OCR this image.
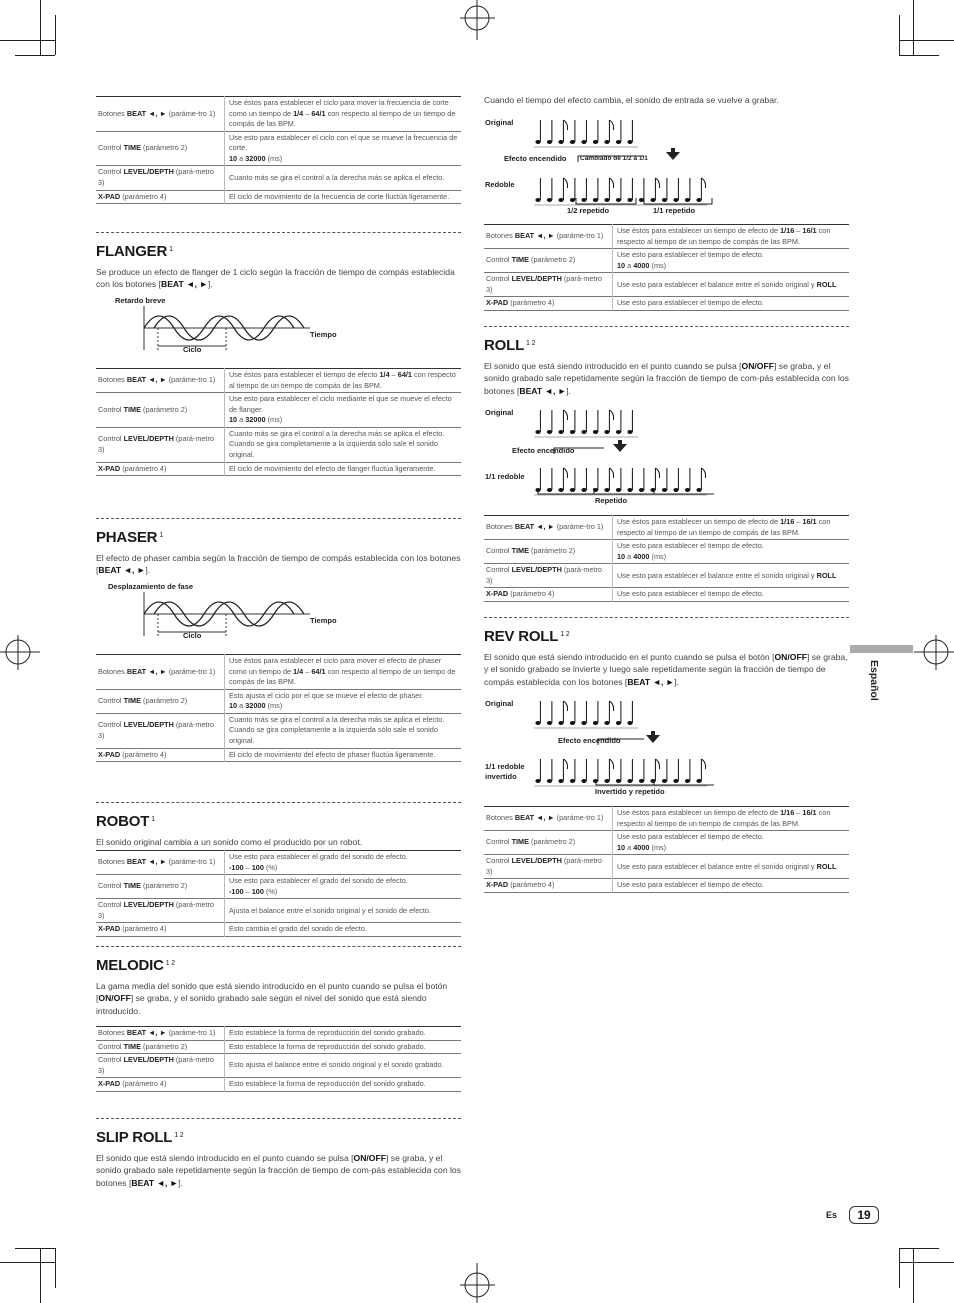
Botones BEAT ◄, ► (paráme-tro 1)	Use éstos para establecer el ciclo para mover la frecuencia de corte como un tiempo de 1/4 – 64/1 con respecto al tiempo de un tiempo de compás de las BPM.
Control TIME (parámetro 2)	Use esto para establecer el ciclo con el que se mueve la frecuencia de corte.
10 a 32000 (ms)
Control LEVEL/DEPTH (pará-metro 3)	Cuanto más se gira el control a la derecha más se aplica el efecto.
X-PAD (parámetro 4)	El ciclo de movimiento de la frecuencia de corte fluctúa ligeramente.
FLANGER $^1$
Se produce un efecto de flanger de 1 ciclo según la fracción de tiempo de compás establecida con los botones [BEAT ◄, ►].
Retardo breve
Tiempo
Ciclo
Botones BEAT ◄, ► (paráme-tro 1)	Use éstos para establecer el tiempo de efecto 1/4 – 64/1 con respecto al tiempo de un tiempo de compás de las BPM.
Control TIME (parámetro 2)	Use esto para establecer el ciclo mediante el que se mueve el efecto de flanger.
10 a 32000 (ms)
Control LEVEL/DEPTH (pará-metro 3)	Cuanto más se gira el control a la derecha más se aplica el efecto.
Cuando se gira completamente a la izquierda sólo sale el sonido original.
X-PAD (parámetro 4)	El ciclo de movimiento del efecto de flanger fluctúa ligeramente.
PHASER $^1$
El efecto de phaser cambia según la fracción de tiempo de compás establecida con los botones [BEAT ◄, ►].
Desplazamiento de fase
Tiempo
Ciclo
Botones BEAT ◄, ► (paráme-tro 1)	Use éstos para establecer el ciclo para mover el efecto de phaser como un tiempo de 1/4 – 64/1 con respecto al tiempo de un tiempo de compás de las BPM.
Control TIME (parámetro 2)	Esto ajusta el ciclo por el que se mueve el efecto de phaser.
10 a 32000 (ms)
Control LEVEL/DEPTH (pará-metro 3)	Cuanto más se gira el control a la derecha más se aplica el efecto.
Cuando se gira completamente a la izquierda sólo sale el sonido original.
X-PAD (parámetro 4)	El ciclo de movimiento del efecto de phaser fluctúa ligeramente.
ROBOT $^1$
El sonido original cambia a un sonido como el producido por un robot.
Botones BEAT ◄, ► (paráme-tro 1)	Use esto para establecer el grado del sonido de efecto.
-100 – 100 (%)
Control TIME (parámetro 2)	Use esto para establecer el grado del sonido de efecto.
-100 – 100 (%)
Control LEVEL/DEPTH (pará-metro 3)	Ajusta el balance entre el sonido original y el sonido de efecto.
X-PAD (parámetro 4)	Esto cambia el grado del sonido de efecto.
MELODIC $^{1 2}$
La gama media del sonido que está siendo introducido en el punto cuando se pulsa el botón [ON/OFF] se graba, y el sonido grabado sale según el nivel del sonido que está siendo introducido.
Botones BEAT ◄, ► (paráme-tro 1)	Esto establece la forma de reproducción del sonido grabado.
Control TIME (parámetro 2)	Esto establece la forma de reproducción del sonido grabado.
Control LEVEL/DEPTH (pará-metro 3)	Esto ajusta el balance entre el sonido original y el sonido grabado.
X-PAD (parámetro 4)	Esto establece la forma de reproducción del sonido grabado.
SLIP ROLL $^{1 2}$
El sonido que está siendo introducido en el punto cuando se pulsa [ON/OFF] se graba, y el sonido grabado sale repetidamente según la fracción de tiempo de com-pás establecida con los botones [BEAT ◄, ►].
Cuando el tiempo del efecto cambia, el sonido de entrada se vuelve a grabar.
Original
Efecto encendido Cambiado de 1/2 a 1/1
Redoble
1/2 repetido	1/1 repetido
Botones BEAT ◄, ► (paráme-tro 1)	Use éstos para establecer un tiempo de efecto de 1/16 – 16/1 con respecto al tiempo de un tiempo de compás de las BPM.
Control TIME (parámetro 2)	Use esto para establecer el tiempo de efecto.
10 a 4000 (ms)
Control LEVEL/DEPTH (pará-metro 3)	Use esto para establecer el balance entre el sonido original y ROLL
X-PAD (parámetro 4)	Use esto para establecer el tiempo de efecto.
ROLL $^{1 2}$
El sonido que está siendo introducido en el punto cuando se pulsa [ON/OFF] se graba, y el sonido grabado sale repetidamente según la fracción de tiempo de com-pás establecida con los botones [BEAT ◄, ►].
Original
Efecto encendido
1/1 redoble
Repetido
Botones BEAT ◄, ► (paráme-tro 1)	Use éstos para establecer un tiempo de efecto de 1/16 – 16/1 con respecto al tiempo de un tiempo de compás de las BPM.
Control TIME (parámetro 2)	Use esto para establecer el tiempo de efecto.
10 a 4000 (ms)
Control LEVEL/DEPTH (pará-metro 3)	Use esto para establecer el balance entre el sonido original y ROLL
X-PAD (parámetro 4)	Use esto para establecer el tiempo de efecto.
REV ROLL $^{1 2}$
El sonido que está siendo introducido en el punto cuando se pulsa el botón [ON/OFF] se graba, y el sonido grabado se invierte y luego sale repetidamente según la fracción de tiempo de compás establecida con los botones [BEAT ◄, ►].
Original
Efecto encendido
1/1 redoble
invertido
Invertido y repetido
Botones BEAT ◄, ► (paráme-tro 1)	Use éstos para establecer un tiempo de efecto de 1/16 – 16/1 con respecto al tiempo de un tiempo de compás de las BPM.
Control TIME (parámetro 2)	Use esto para establecer el tiempo de efecto.
10 a 4000 (ms)
Control LEVEL/DEPTH (pará-metro 3)	Use esto para establecer el balance entre el sonido original y ROLL
X-PAD (parámetro 4)	Use esto para establecer el tiempo de efecto.
Español
Es	19
